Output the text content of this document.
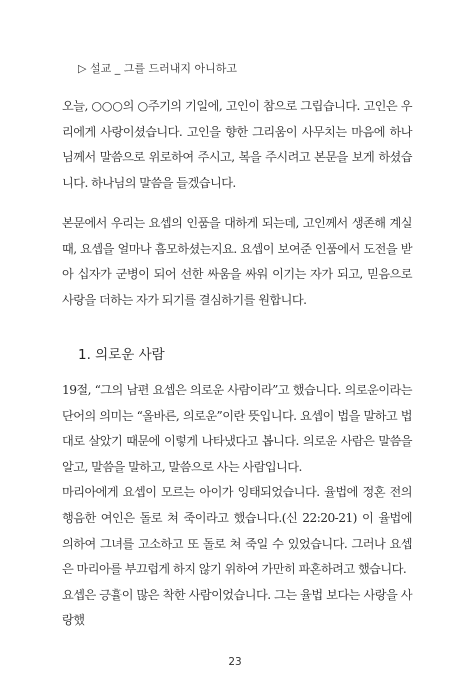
▷ 설교 _ 그를 드러내지 아니하고

오늘, ○○○의 ○주기의 기일에, 고인이 참으로 그립습니다. 고인은 우리에게 사랑이셨습니다. 고인을 향한 그리움이 사무치는 마음에 하나님께서 말씀으로 위로하여 주시고, 복을 주시려고 본문을 보게 하셨습니다. 하나님의 말씀을 들겠습니다.

본문에서 우리는 요셉의 인품을 대하게 되는데, 고인께서 생존해 계실 때, 요셉을 얼마나 흠모하셨는지요. 요셉이 보여준 인품에서 도전을 받아 십자가 군병이 되어 선한 싸움을 싸워 이기는 자가 되고, 믿음으로 사랑을 더하는 자가 되기를 결심하기를 원합니다.

1. 의로운 사람

19절, “그의 남편 요셉은 의로운 사람이라”고 했습니다. 의로운이라는 단어의 의미는 “올바른, 의로운”이란 뜻입니다. 요셉이 법을 말하고 법대로 살았기 때문에 이렇게 나타냈다고 봅니다. 의로운 사람은 말씀을 알고, 말씀을 말하고, 말씀으로 사는 사람입니다.

마리아에게 요셉이 모르는 아이가 잉태되었습니다. 율법에 정혼 전의 행음한 여인은 돌로 쳐 죽이라고 했습니다.(신 22:20-21) 이 율법에 의하여 그녀를 고소하고 또 돌로 쳐 죽일 수 있었습니다. 그러나 요셉은 마리아를 부끄럽게 하지 않기 위하여 가만히 파혼하려고 했습니다.

요셉은 긍휼이 많은 착한 사람이었습니다. 그는 율법 보다는 사랑을 사랑했

23
